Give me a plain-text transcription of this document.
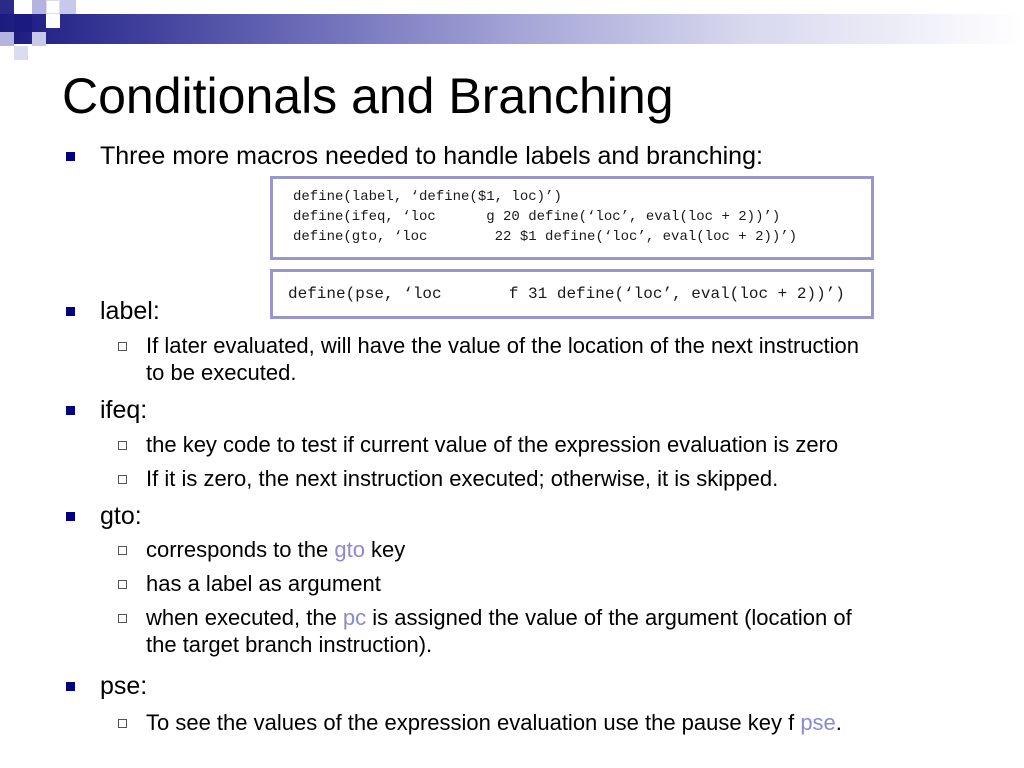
Conditionals and Branching
Three more macros needed to handle labels and branching:
define(label, ‘define($1, loc)’)
define(ifeq, ‘loc      g 20 define(‘loc’, eval(loc + 2))’)
define(gto, ‘loc        22 $1 define(‘loc’, eval(loc + 2))’)
define(pse, ‘loc       f 31 define(‘loc’, eval(loc + 2))’)
label:
If later evaluated, will have the value of the location of the next instruction
to be executed.
ifeq:
the key code to test if current value of the expression evaluation is zero
If it is zero, the next instruction executed; otherwise, it is skipped.
gto:
corresponds to the gto key
has a label as argument
when executed, the pc is assigned the value of the argument (location of
the target branch instruction).
pse:
To see the values of the expression evaluation use the pause key f pse.
